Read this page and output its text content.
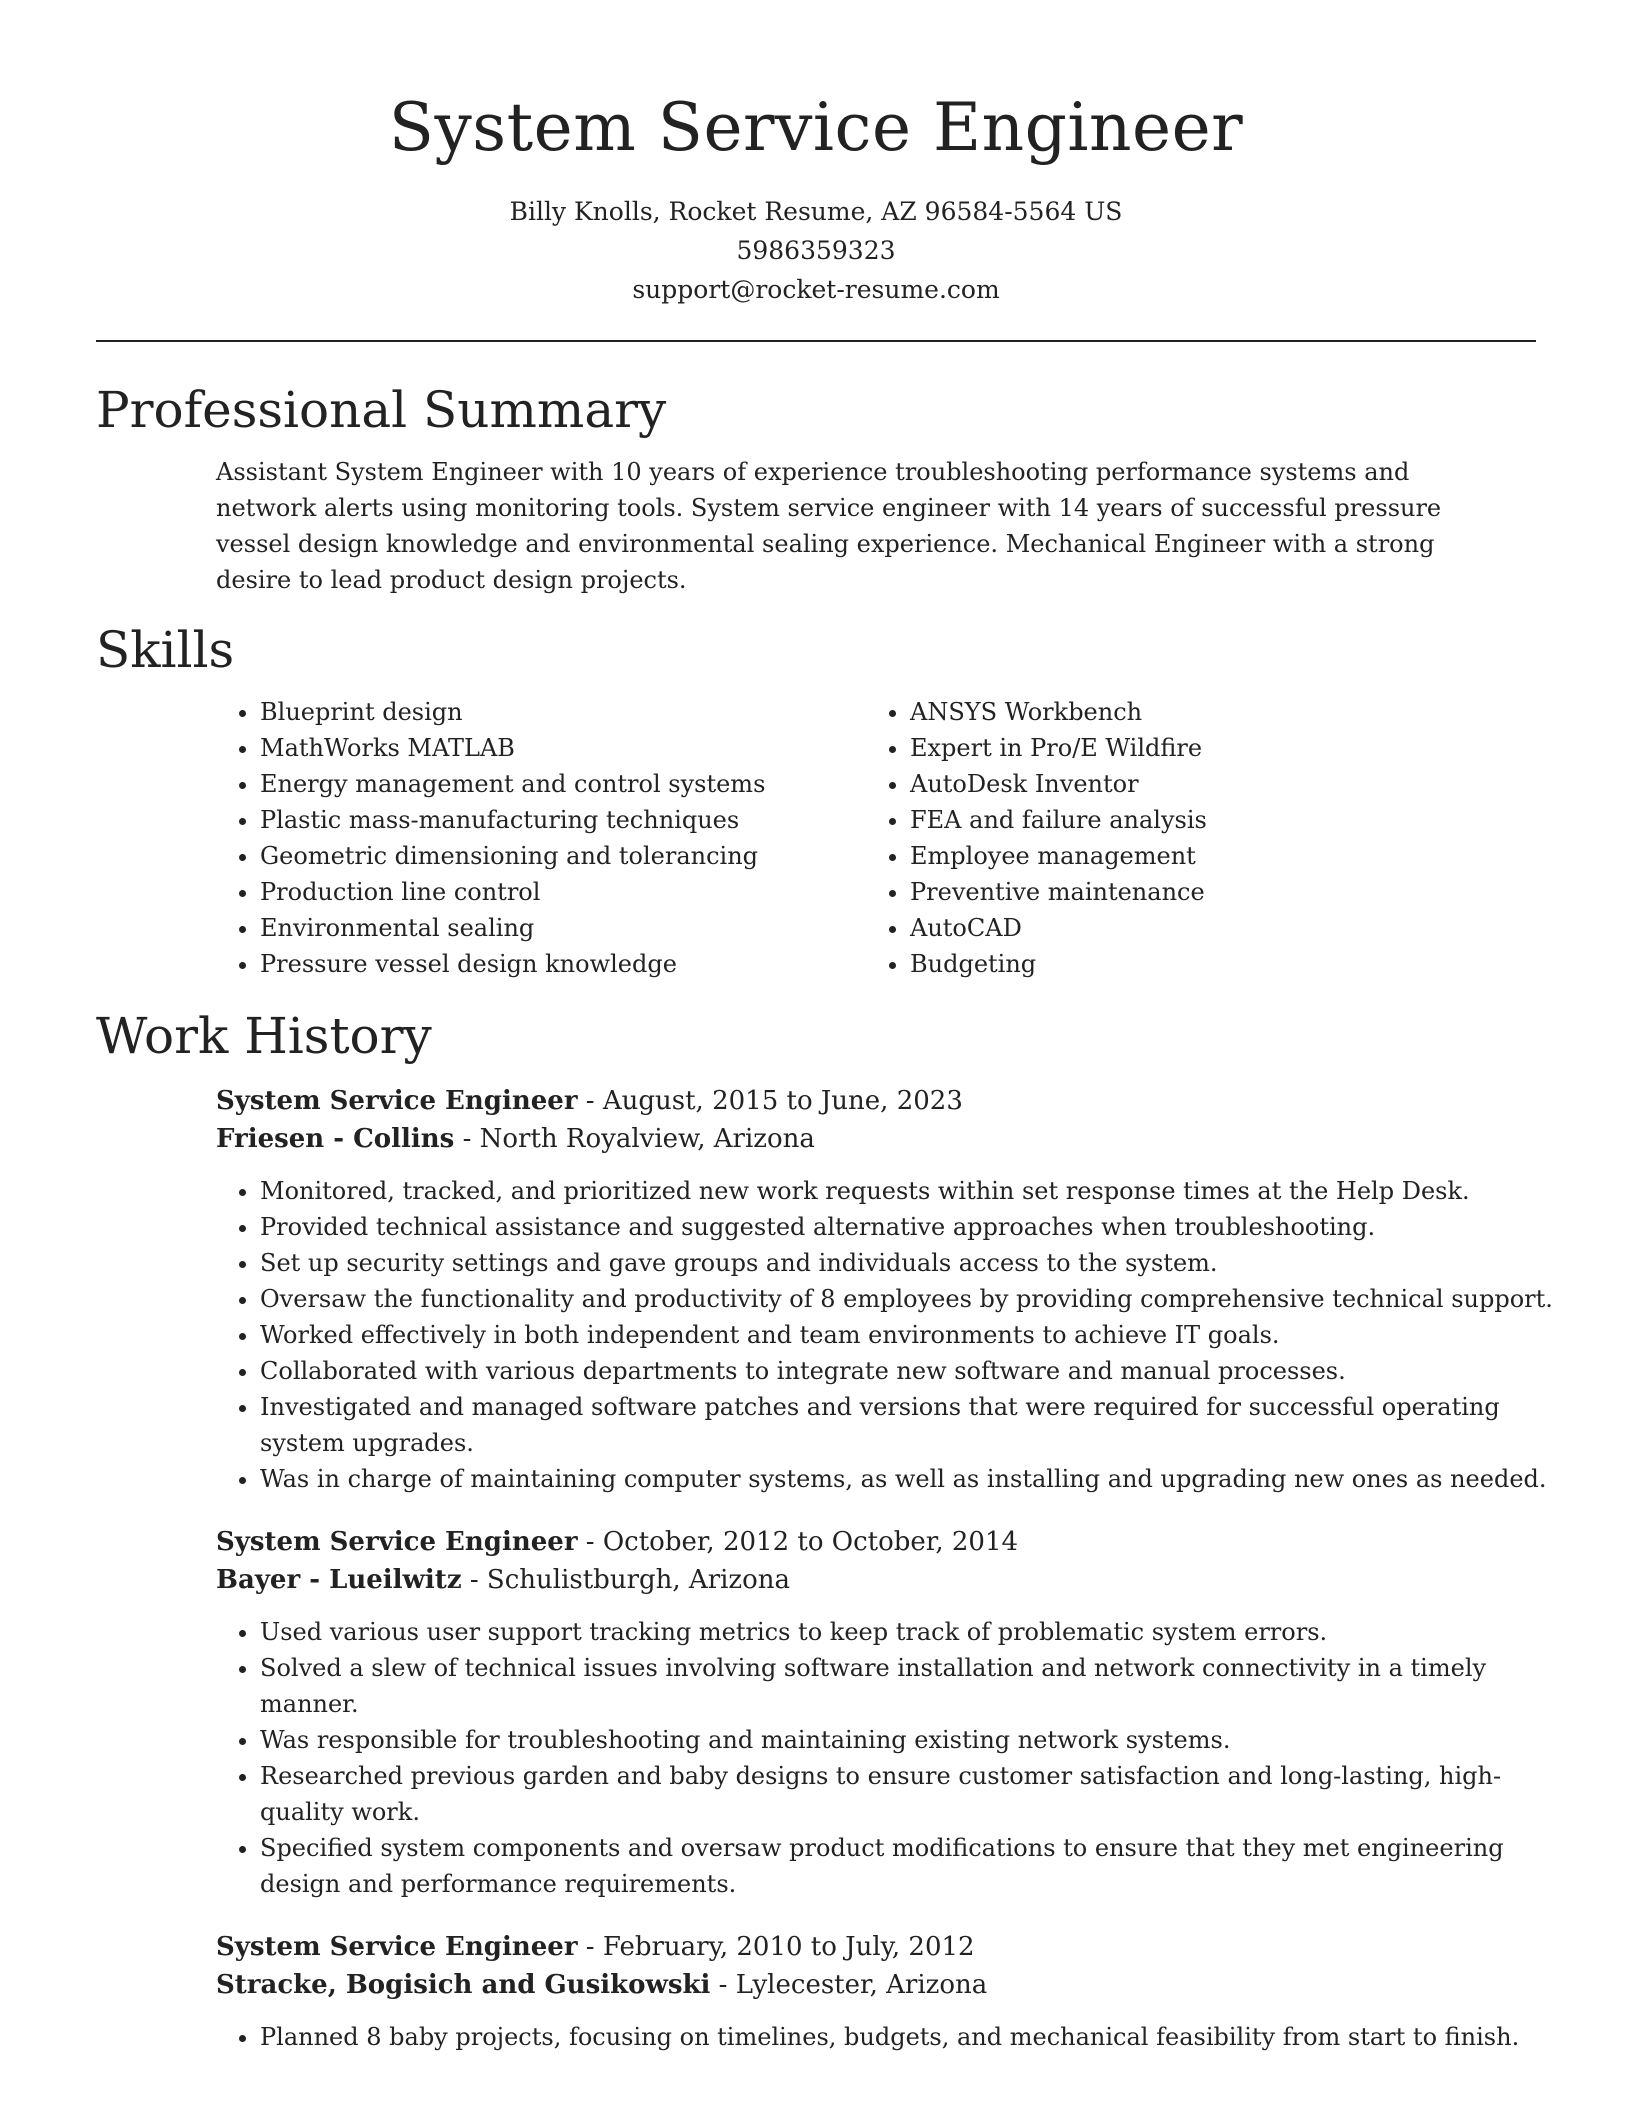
System Service Engineer
Billy Knolls, Rocket Resume, AZ 96584-5564 US
5986359323
support@rocket-resume.com
Professional Summary
Assistant System Engineer with 10 years of experience troubleshooting performance systems and network alerts using monitoring tools. System service engineer with 14 years of successful pressure vessel design knowledge and environmental sealing experience. Mechanical Engineer with a strong desire to lead product design projects.
Skills
• Blueprint design
• MathWorks MATLAB
• Energy management and control systems
• Plastic mass-manufacturing techniques
• Geometric dimensioning and tolerancing
• Production line control
• Environmental sealing
• Pressure vessel design knowledge
• ANSYS Workbench
• Expert in Pro/E Wildfire
• AutoDesk Inventor
• FEA and failure analysis
• Employee management
• Preventive maintenance
• AutoCAD
• Budgeting
Work History
System Service Engineer - August, 2015 to June, 2023
Friesen - Collins - North Royalview, Arizona
• Monitored, tracked, and prioritized new work requests within set response times at the Help Desk.
• Provided technical assistance and suggested alternative approaches when troubleshooting.
• Set up security settings and gave groups and individuals access to the system.
• Oversaw the functionality and productivity of 8 employees by providing comprehensive technical support.
• Worked effectively in both independent and team environments to achieve IT goals.
• Collaborated with various departments to integrate new software and manual processes.
• Investigated and managed software patches and versions that were required for successful operating system upgrades.
• Was in charge of maintaining computer systems, as well as installing and upgrading new ones as needed.
System Service Engineer - October, 2012 to October, 2014
Bayer - Lueilwitz - Schulistburgh, Arizona
• Used various user support tracking metrics to keep track of problematic system errors.
• Solved a slew of technical issues involving software installation and network connectivity in a timely manner.
• Was responsible for troubleshooting and maintaining existing network systems.
• Researched previous garden and baby designs to ensure customer satisfaction and long-lasting, high-quality work.
• Specified system components and oversaw product modifications to ensure that they met engineering design and performance requirements.
System Service Engineer - February, 2010 to July, 2012
Stracke, Bogisich and Gusikowski - Lylecester, Arizona
• Planned 8 baby projects, focusing on timelines, budgets, and mechanical feasibility from start to finish.
